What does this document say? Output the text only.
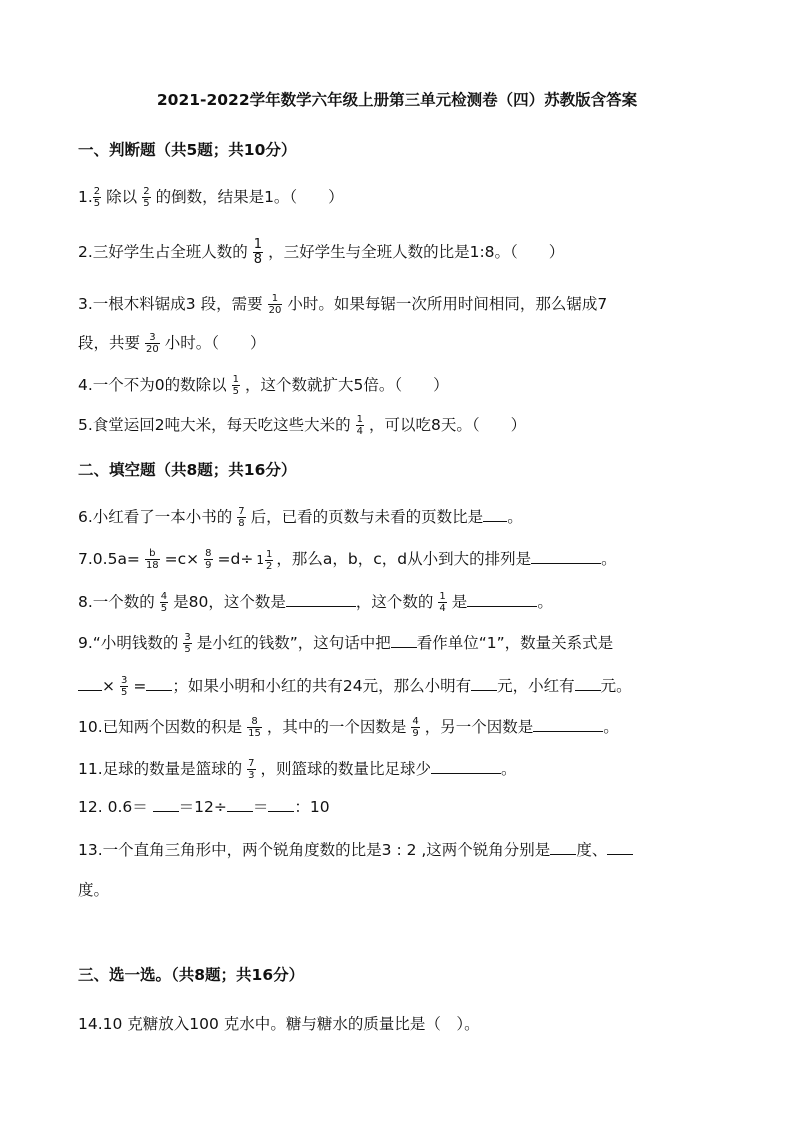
2021-2022学年数学六年级上册第三单元检测卷（四）苏教版含答案
一、判断题（共5题；共10分）
1. $\frac{2}{5}$ 除以 $\frac{2}{5}$ 的倒数，结果是1。（　　）
2.三好学生占全班人数的 $\frac{1}{8}$ ，三好学生与全班人数的比是1:8。（　　）
3.一根木料锯成3 段，需要 $\frac{1}{20}$ 小时。如果每锯一次所用时间相同，那么锯成7
段，共要 $\frac{3}{20}$ 小时。（　　）
4.一个不为0的数除以 $\frac{1}{5}$ ，这个数就扩大5倍。（　　）
5.食堂运回2吨大米，每天吃这些大米的 $\frac{1}{4}$ ，可以吃8天。（　　）
二、填空题（共8题；共16分）
6.小红看了一本小书的 $\frac{7}{8}$ 后，已看的页数与未看的页数比是 。
$7.0.5a= \frac{b}{18} =c\times \frac{8}{9} =d\div 1$ 1
2 ，那么a，b，c，d从小到大的排列是	。
8.一个数的 $\frac{4}{5}$ 是80，这个数是	，这个数的 $\frac{1}{4}$ 是	。
9.“小明钱数的 $\frac{3}{5}$ 是小红的钱数”，这句话中把 看作单位“1”，数量关系式是
× $\frac{3}{5}$ = ；如果小明和小红的共有24元，那么小明有 元，小红有 元。
10.已知两个因数的积是 $\frac{8}{15}$ ，其中的一个因数是 $\frac{4}{9}$ ，另一个因数是	。
11.足球的数量是篮球的 $\frac{7}{3}$ ，则篮球的数量比足球少	。
12. 0.6＝ ＝12÷ ＝ ：10
13.一个直角三角形中，两个锐角度数的比是3 : 2 ,这两个锐角分别是 度、
度。
三、选一选。（共8题；共16分）
14.10 克糖放入100 克水中。糖与糖水的质量比是（　）。
